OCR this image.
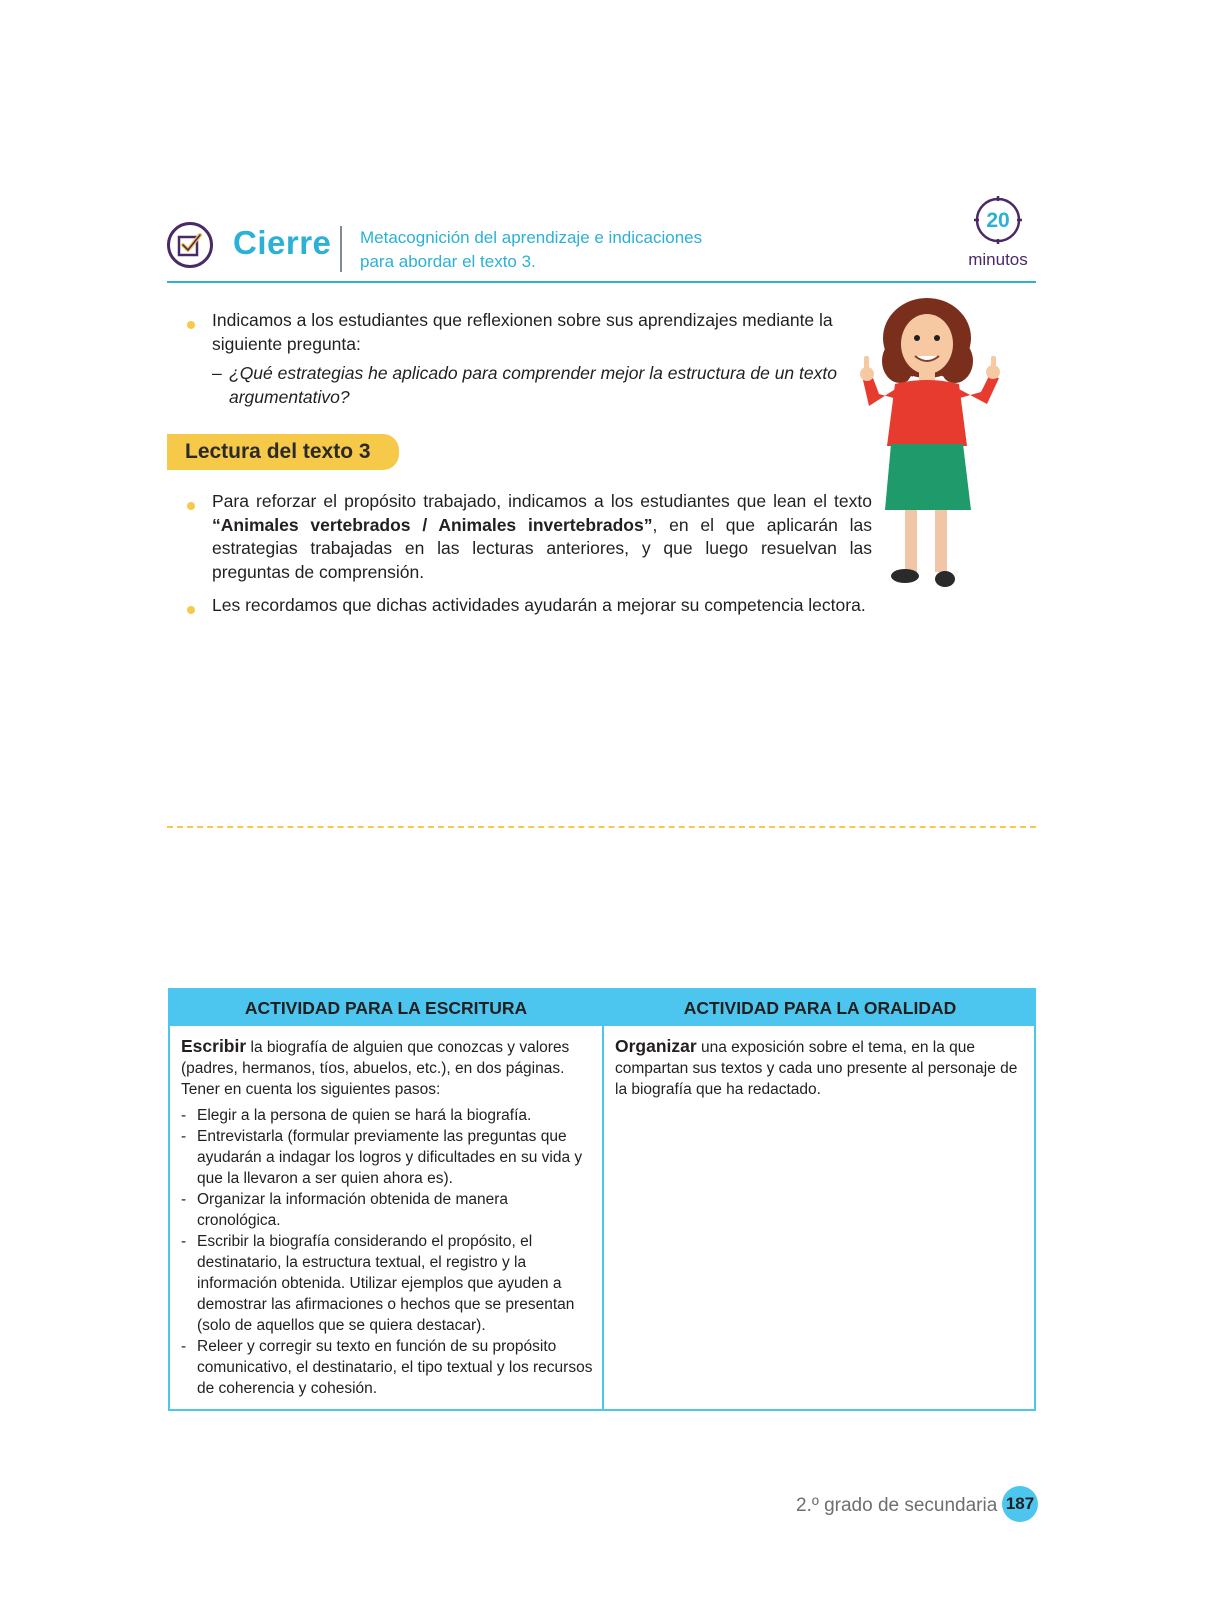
Cierre Metacognición del aprendizaje e indicaciones
para abordar el texto 3.
20
minutos
Indicamos a los estudiantes que reflexionen sobre sus aprendizajes mediante la siguiente pregunta:
– ¿Qué estrategias he aplicado para comprender mejor la estructura de un texto argumentativo?
Lectura del texto 3
Para reforzar el propósito trabajado, indicamos a los estudiantes que lean el texto “Animales vertebrados / Animales invertebrados”, en el que aplicarán las estrategias trabajadas en las lecturas anteriores, y que luego resuelvan las preguntas de comprensión.
Les recordamos que dichas actividades ayudarán a mejorar su competencia lectora.
ACTIVIDAD PARA LA ESCRITURA	ACTIVIDAD PARA LA ORALIDAD
Escribir la biografía de alguien que conozcas y valores (padres, hermanos, tíos, abuelos, etc.), en dos páginas. Tener en cuenta los siguientes pasos:
- Elegir a la persona de quien se hará la biografía.
- Entrevistarla (formular previamente las preguntas que ayudarán a indagar los logros y dificultades en su vida y que la llevaron a ser quien ahora es).
- Organizar la información obtenida de manera cronológica.
- Escribir la biografía considerando el propósito, el destinatario, la estructura textual, el registro y la información obtenida. Utilizar ejemplos que ayuden a demostrar las afirmaciones o hechos que se presentan (solo de aquellos que se quiera destacar).
- Releer y corregir su texto en función de su propósito comunicativo, el destinatario, el tipo textual y los recursos de coherencia y cohesión.
Organizar una exposición sobre el tema, en la que compartan sus textos y cada uno presente al personaje de la biografía que ha redactado.
2.º grado de secundaria 187
